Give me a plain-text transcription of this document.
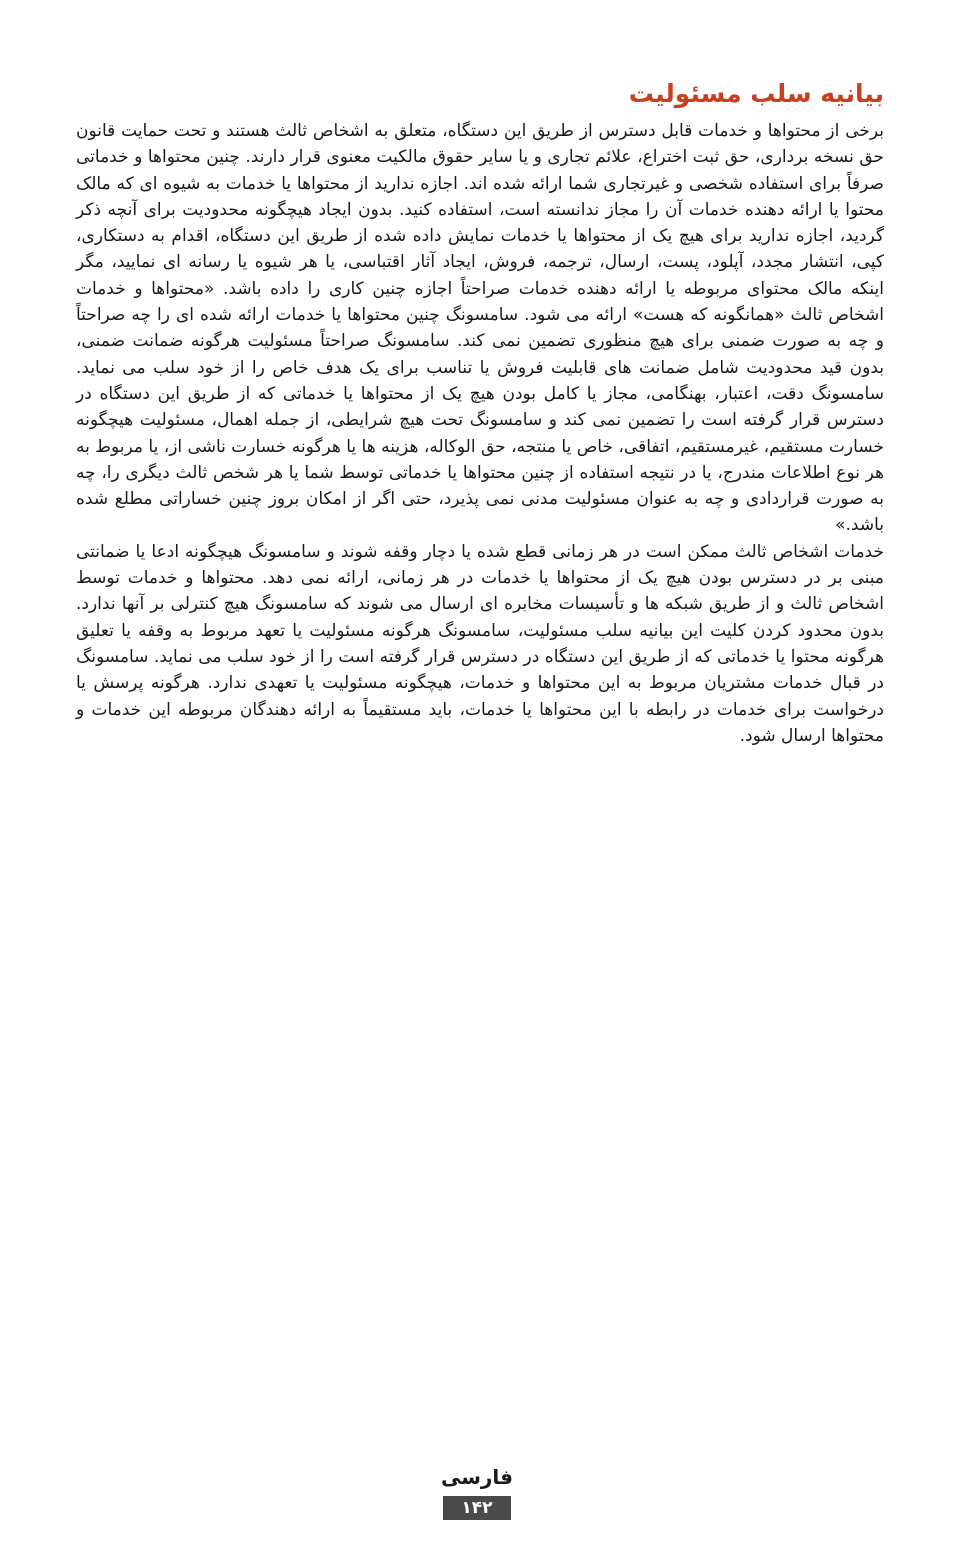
بیانیه سلب مسئولیت

برخی از محتواها و خدمات قابل دسترس از طریق این دستگاه، متعلق به اشخاص ثالث هستند و تحت حمایت قانون حق نسخه برداری، حق ثبت اختراع، علائم تجاری و یا سایر حقوق مالکیت معنوی قرار دارند. چنین محتواها و خدماتی صرفاً برای استفاده شخصی و غیرتجاری شما ارائه شده اند. اجازه ندارید از محتواها یا خدمات به شیوه ای که مالک محتوا یا ارائه دهنده خدمات آن را مجاز ندانسته است، استفاده کنید. بدون ایجاد هیچگونه محدودیت برای آنچه ذکر گردید، اجازه ندارید برای هیچ یک از محتواها یا خدمات نمایش داده شده از طریق این دستگاه، اقدام به دستکاری، کپی، انتشار مجدد، آپلود، پست، ارسال، ترجمه، فروش، ایجاد آثار اقتباسی، یا هر شیوه یا رسانه ای نمایید، مگر اینکه مالک محتوای مربوطه یا ارائه دهنده خدمات صراحتاً اجازه چنین کاری را داده باشد. «محتواها و خدمات اشخاص ثالث «همانگونه که هست» ارائه می شود. سامسونگ چنین محتواها یا خدمات ارائه شده ای را چه صراحتاً و چه به صورت ضمنی برای هیچ منظوری تضمین نمی کند. سامسونگ صراحتاً مسئولیت هرگونه ضمانت ضمنی، بدون قید محدودیت شامل ضمانت های قابلیت فروش یا تناسب برای یک هدف خاص را از خود سلب می نماید. سامسونگ دقت، اعتبار، بهنگامی، مجاز یا کامل بودن هیچ یک از محتواها یا خدماتی که از طریق این دستگاه در دسترس قرار گرفته است را تضمین نمی کند و سامسونگ تحت هیچ شرایطی، از جمله اهمال، مسئولیت هیچگونه خسارت مستقیم، غیرمستقیم، اتفاقی، خاص یا منتجه، حق الوکاله، هزینه ها یا هرگونه خسارت ناشی از، یا مربوط به هر نوع اطلاعات مندرج، یا در نتیجه استفاده از چنین محتواها یا خدماتی توسط شما یا هر شخص ثالث دیگری را، چه به صورت قراردادی و چه به عنوان مسئولیت مدنی نمی پذیرد، حتی اگر از امکان بروز چنین خساراتی مطلع شده باشد.»

خدمات اشخاص ثالث ممکن است در هر زمانی قطع شده یا دچار وقفه شوند و سامسونگ هیچگونه ادعا یا ضمانتی مبنی بر در دسترس بودن هیچ یک از محتواها یا خدمات در هر زمانی، ارائه نمی دهد. محتواها و خدمات توسط اشخاص ثالث و از طریق شبکه ها و تأسیسات مخابره ای ارسال می شوند که سامسونگ هیچ کنترلی بر آنها ندارد. بدون محدود کردن کلیت این بیانیه سلب مسئولیت، سامسونگ هرگونه مسئولیت یا تعهد مربوط به وقفه یا تعلیق هرگونه محتوا یا خدماتی که از طریق این دستگاه در دسترس قرار گرفته است را از خود سلب می نماید. سامسونگ در قبال خدمات مشتریان مربوط به این محتواها و خدمات، هیچگونه مسئولیت یا تعهدی ندارد. هرگونه پرسش یا درخواست برای خدمات در رابطه با این محتواها یا خدمات، باید مستقیماً به ارائه دهندگان مربوطه این خدمات و محتواها ارسال شود.

فارسی
۱۴۲
